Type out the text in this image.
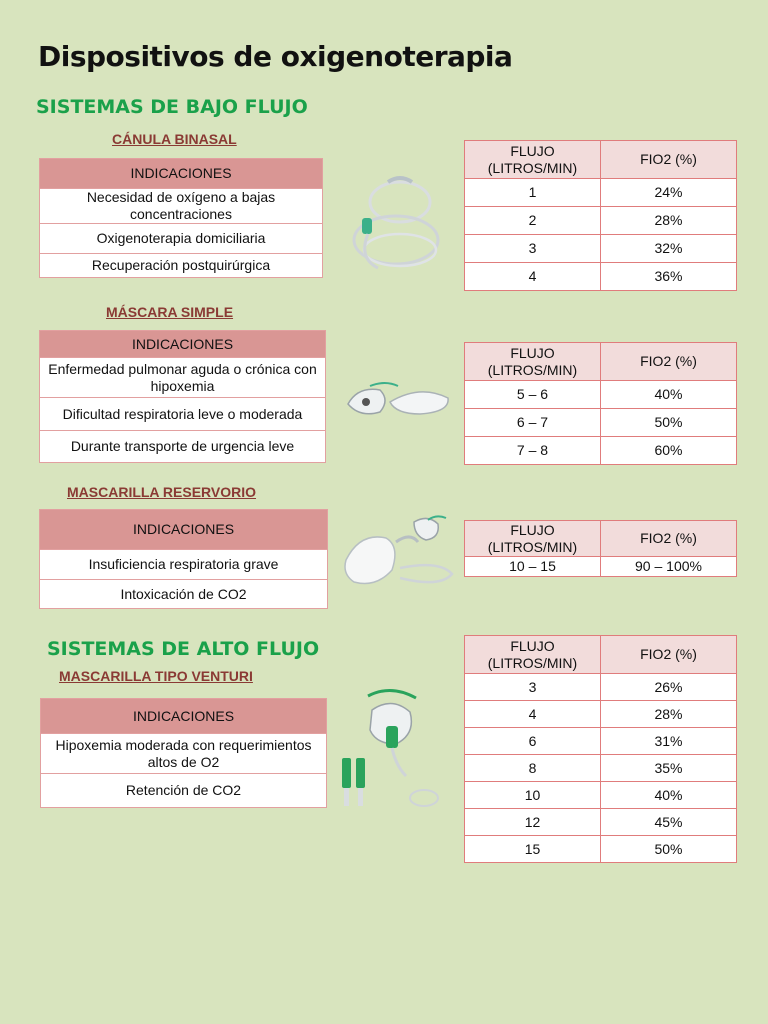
Dispositivos de oxigenoterapia
SISTEMAS DE BAJO FLUJO
SISTEMAS DE ALTO FLUJO
CÁNULA BINASAL
MÁSCARA SIMPLE
MASCARILLA RESERVORIO
MASCARILLA TIPO VENTURI
INDICACIONES
Necesidad de oxígeno a bajas concentraciones
Oxigenoterapia domiciliaria
Recuperación postquirúrgica
FLUJO (LITROS/MIN)	FIO2 (%)
1	24%
2	28%
3	32%
4	36%
INDICACIONES
Enfermedad pulmonar aguda o crónica con hipoxemia
Dificultad respiratoria leve o moderada
Durante transporte de urgencia leve
FLUJO (LITROS/MIN)	FIO2 (%)
5 – 6	40%
6 – 7	50%
7 – 8	60%
INDICACIONES
Insuficiencia respiratoria grave
Intoxicación de CO2
FLUJO (LITROS/MIN)	FIO2 (%)
10 – 15	90 – 100%
INDICACIONES
Hipoxemia moderada con requerimientos altos de O2
Retención de CO2
FLUJO (LITROS/MIN)	FIO2 (%)
3	26%
4	28%
6	31%
8	35%
10	40%
12	45%
15	50%
